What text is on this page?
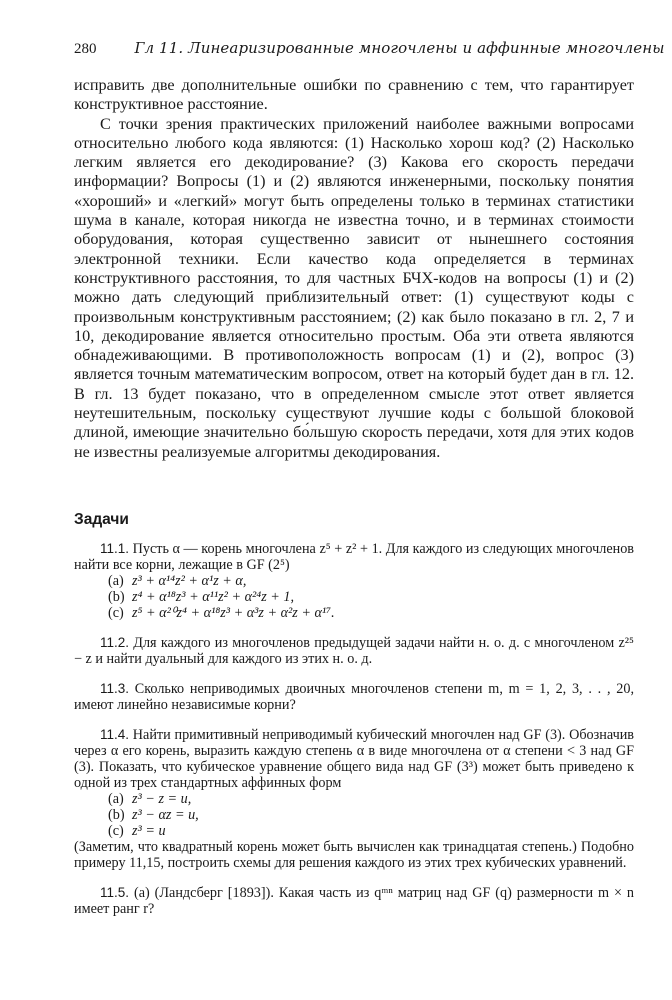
280	Гл 11. Линеаризированные многочлены и аффинные многочлены

исправить две дополнительные ошибки по сравнению с тем, что гарантирует конструктивное расстояние.

С точки зрения практических приложений наиболее важными вопросами относительно любого кода являются: (1) Насколько хорош код? (2) Насколько легким является его декодирование? (3) Какова его скорость передачи информации? Вопросы (1) и (2) являются инженерными, поскольку понятия «хороший» и «легкий» могут быть определены только в терминах статистики шума в канале, которая никогда не известна точно, и в терминах стоимости оборудования, которая существенно зависит от нынешнего состояния электронной техники. Если качество кода определяется в терминах конструктивного расстояния, то для частных БЧХ-кодов на вопросы (1) и (2) можно дать следующий приблизительный ответ: (1) существуют коды с произвольным конструктивным расстоянием; (2) как было показано в гл. 2, 7 и 10, декодирование является относительно простым. Оба эти ответа являются обнадеживающими. В противоположность вопросам (1) и (2), вопрос (3) является точным математическим вопросом, ответ на который будет дан в гл. 12. В гл. 13 будет показано, что в определенном смысле этот ответ является неутешительным, поскольку существуют лучшие коды с большой блоковой длиной, имеющие значительно бо́льшую скорость передачи, хотя для этих кодов не известны реализуемые алгоритмы декодирования.

Задачи

11.1. Пусть α — корень многочлена z⁵ + z² + 1. Для каждого из следующих многочленов найти все корни, лежащие в GF (2⁵)

(a) z³ + α¹⁴z² + α¹z + α,
(b) z⁴ + α¹⁸z³ + α¹¹z² + α²⁴z + 1,
(c) z⁵ + α²⁰z⁴ + α¹⁸z³ + α³z + α²z + α¹⁷.

11.2. Для каждого из многочленов предыдущей задачи найти н. о. д. с многочленом z²⁵ − z и найти дуальный для каждого из этих н. о. д.

11.3. Сколько неприводимых двоичных многочленов степени m, m = 1, 2, 3, . . , 20, имеют линейно независимые корни?

11.4. Найти примитивный неприводимый кубический многочлен над GF (3). Обозначив через α его корень, выразить каждую степень α в виде многочлена от α степени < 3 над GF (3). Показать, что кубическое уравнение общего вида над GF (3³) может быть приведено к одной из трех стандартных аффинных форм

(a) z³ − z = u,
(b) z³ − αz = u,
(c) z³ = u

(Заметим, что квадратный корень может быть вычислен как тринадцатая степень.) Подобно примеру 11,15, построить схемы для решения каждого из этих трех кубических уравнений.

11.5. (a) (Ландсберг [1893]). Какая часть из qᵐⁿ матриц над GF (q) размерности m × n имеет ранг r?
